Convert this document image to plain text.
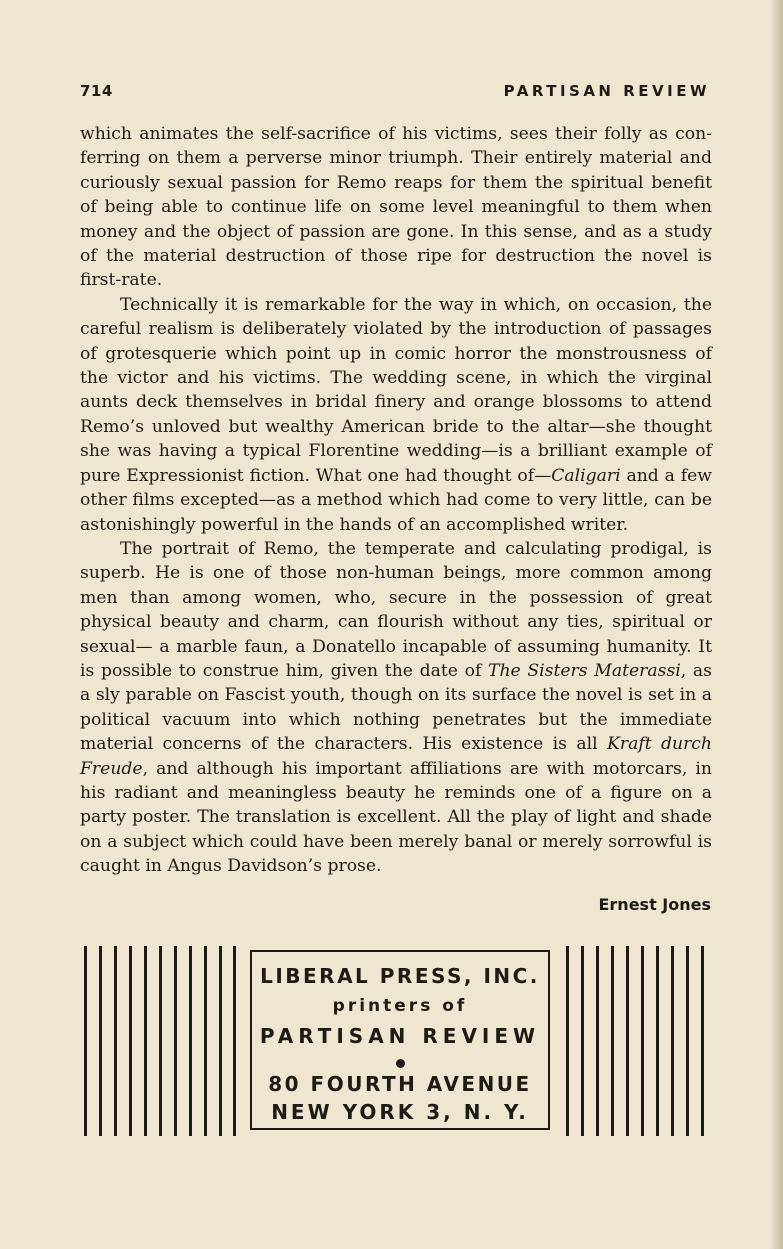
714	PARTISAN REVIEW

which animates the self-sacrifice of his victims, sees their folly as conferring on them a perverse minor triumph. Their entirely material and curiously sexual passion for Remo reaps for them the spiritual benefit of being able to continue life on some level meaningful to them when money and the object of passion are gone. In this sense, and as a study of the material destruction of those ripe for destruction the novel is first-rate.

Technically it is remarkable for the way in which, on occasion, the careful realism is deliberately violated by the introduction of passages of grotesquerie which point up in comic horror the monstrousness of the victor and his victims. The wedding scene, in which the virginal aunts deck themselves in bridal finery and orange blossoms to attend Remo’s unloved but wealthy American bride to the altar—she thought she was having a typical Florentine wedding—is a brilliant example of pure Expressionist fiction. What one had thought of—Caligari and a few other films excepted—as a method which had come to very little, can be astonishingly powerful in the hands of an accomplished writer.

The portrait of Remo, the temperate and calculating prodigal, is superb. He is one of those non-human beings, more common among men than among women, who, secure in the possession of great physical beauty and charm, can flourish without any ties, spiritual or sexual— a marble faun, a Donatello incapable of assuming humanity. It is possible to construe him, given the date of The Sisters Materassi, as a sly parable on Fascist youth, though on its surface the novel is set in a political vacuum into which nothing penetrates but the immediate material concerns of the characters. His existence is all Kraft durch Freude, and although his important affiliations are with motorcars, in his radiant and meaningless beauty he reminds one of a figure on a party poster. The translation is excellent. All the play of light and shade on a subject which could have been merely banal or merely sorrowful is caught in Angus Davidson’s prose.

Ernest Jones
LIBERAL PRESS, INC.
printers of
PARTISAN REVIEW
80 FOURTH AVENUE
NEW YORK 3, N. Y.
